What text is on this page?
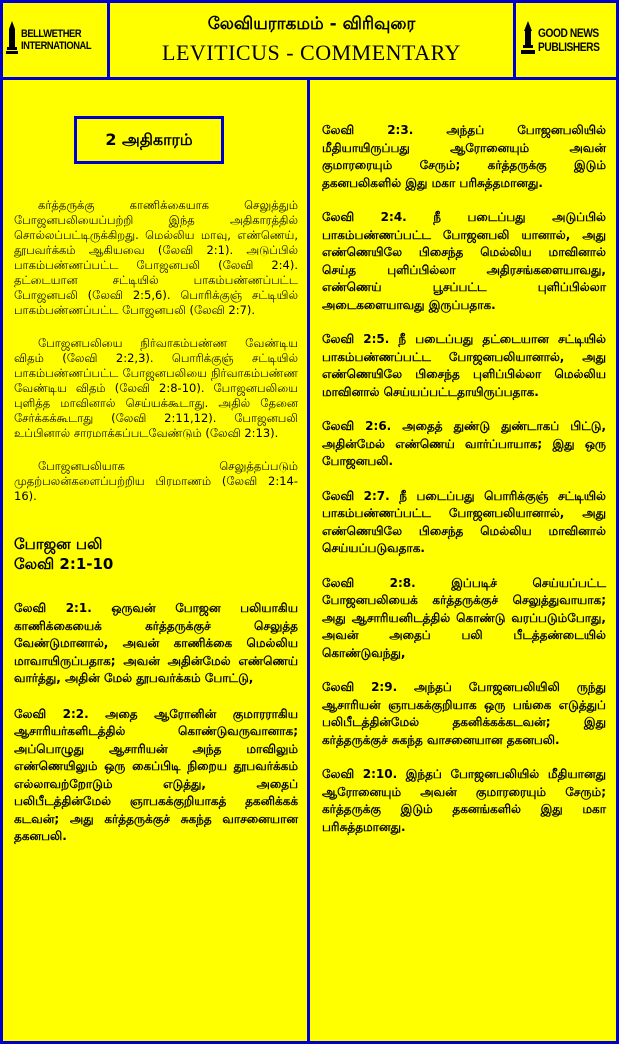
BELLWETHER
INTERNATIONAL
லேவியராகமம் - விரிவுரை
LEVITICUS - COMMENTARY
GOOD NEWS
PUBLISHERS
2 அதிகாரம்

கர்த்தருக்கு காணிக்கையாக செலுத்தும் போஜனபலியைப்பற்றி இந்த அதிகாரத்தில் சொல்லப்பட்டிருக்கிறது. மெல்லிய மாவு, எண்ணெய், தூபவர்க்கம் ஆகியவை (லேவி 2:1). அடுப்பில் பாகம்பண்ணப்பட்ட போஜனபலி (லேவி 2:4). தட்டையான சட்டியில் பாகம்பண்ணப்பட்ட போஜனபலி (லேவி 2:5,6). பொரிக்குஞ் சட்டியில் பாகம்பண்ணப்பட்ட போஜனபலி (லேவி 2:7).

போஜனபலியை நிர்வாகம்பண்ண வேண்டிய விதம் (லேவி 2:2,3). பொரிக்குஞ் சட்டியில் பாகம்பண்ணப்பட்ட போஜனபலியை நிர்வாகம்பண்ண வேண்டிய விதம் (லேவி 2:8-10). போஜனபலியை புளித்த மாவினால் செய்யக்கூடாது. அதில் தேனை சேர்க்கக்கூடாது (லேவி 2:11,12). போஜனபலி உப்பினால் சாரமாக்கப்படவேண்டும் (லேவி 2:13).

போஜனபலியாக செலுத்தப்படும் முதற்பலன்களைப்பற்றிய பிரமாணம் (லேவி 2:14-16).

போஜன பலி
லேவி 2:1-10

லேவி 2:1. ஒருவன் போஜன பலியாகிய காணிக்கையைக் கர்த்தருக்குச் செலுத்த வேண்டுமானால், அவன் காணிக்கை மெல்லிய மாவாயிருப்பதாக; அவன் அதின்மேல் எண்ணெய் வார்த்து, அதின் மேல் தூபவர்க்கம் போட்டு,

லேவி 2:2. அதை ஆரோனின் குமாரராகிய ஆசாரியர்களிடத்தில் கொண்டுவருவானாக; அப்பொழுது ஆசாரியன் அந்த மாவிலும் எண்ணெயிலும் ஒரு கைப்பிடி நிறைய தூபவர்க்கம் எல்லாவற்றோடும் எடுத்து, அதைப் பலிபீடத்தின்மேல் ஞாபகக்குறியாகத் தகனிக்கக் கடவன்; அது கர்த்தருக்குச் சுகந்த வாசனையான தகனபலி.

லேவி 2:3. அந்தப் போஜனபலியில் மீதியாயிருப்பது ஆரோனையும் அவன் குமாரரையும் சேரும்; கர்த்தருக்கு இடும் தகனபலிகளில் இது மகா பரிசுத்தமானது.

லேவி 2:4. நீ படைப்பது அடுப்பில் பாகம்பண்ணப்பட்ட போஜனபலி யானால், அது எண்ணெயிலே பிசைந்த மெல்லிய மாவினால் செய்த புளிப்பில்லா அதிரசங்களையாவது, எண்ணெய் பூசப்பட்ட புளிப்பில்லா அடைகளையாவது இருப்பதாக.

லேவி 2:5. நீ படைப்பது தட்டையான சட்டியில் பாகம்பண்ணப்பட்ட போஜனபலியானால், அது எண்ணெயிலே பிசைந்த புளிப்பில்லா மெல்லிய மாவினால் செய்யப்பட்டதாயிருப்பதாக.

லேவி 2:6. அதைத் துண்டு துண்டாகப் பிட்டு, அதின்மேல் எண்ணெய் வார்ப்பாயாக; இது ஒரு போஜனபலி.

லேவி 2:7. நீ படைப்பது பொரிக்குஞ் சட்டியில் பாகம்பண்ணப்பட்ட போஜனபலியானால், அது எண்ணெயிலே பிசைந்த மெல்லிய மாவினால் செய்யப்படுவதாக.

லேவி 2:8. இப்படிச் செய்யப்பட்ட போஜனபலியைக் கர்த்தருக்குச் செலுத்துவாயாக; அது ஆசாரியனிடத்தில் கொண்டு வரப்படும்போது, அவன் அதைப் பலி பீடத்தண்டையில் கொண்டுவந்து,

லேவி 2:9. அந்தப் போஜனபலியிலி ருந்து ஆசாரியன் ஞாபகக்குறியாக ஒரு பங்கை எடுத்துப் பலிபீடத்தின்மேல் தகனிக்கக்கடவன்; இது கர்த்தருக்குச் சுகந்த வாசனையான தகனபலி.

லேவி 2:10. இந்தப் போஜனபலியில் மீதியானது ஆரோனையும் அவன் குமாரரையும் சேரும்; கர்த்தருக்கு இடும் தகனங்களில் இது மகா பரிசுத்தமானது.
